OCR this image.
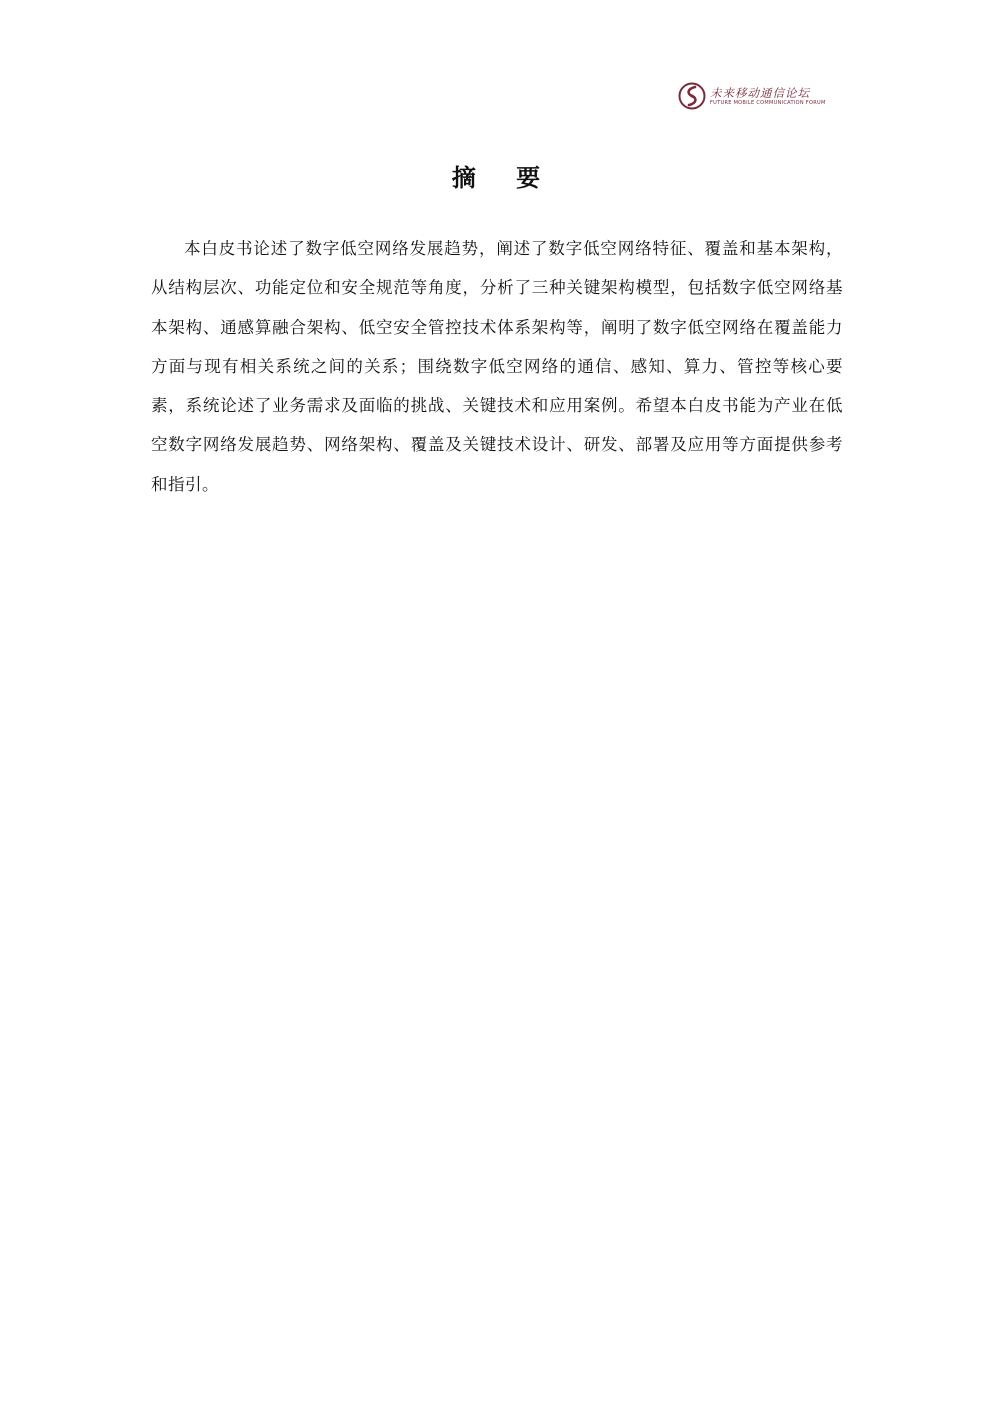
未来移动通信论坛
FUTURE MOBILE COMMUNICATION FORUM
摘 要

本白皮书论述了数字低空网络发展趋势，阐述了数字低空网络特征、覆盖和基本架构，从结构层次、功能定位和安全规范等角度，分析了三种关键架构模型，包括数字低空网络基本架构、通感算融合架构、低空安全管控技术体系架构等，阐明了数字低空网络在覆盖能力方面与现有相关系统之间的关系；围绕数字低空网络的通信、感知、算力、管控等核心要素，系统论述了业务需求及面临的挑战、关键技术和应用案例。希望本白皮书能为产业在低空数字网络发展趋势、网络架构、覆盖及关键技术设计、研发、部署及应用等方面提供参考和指引。
